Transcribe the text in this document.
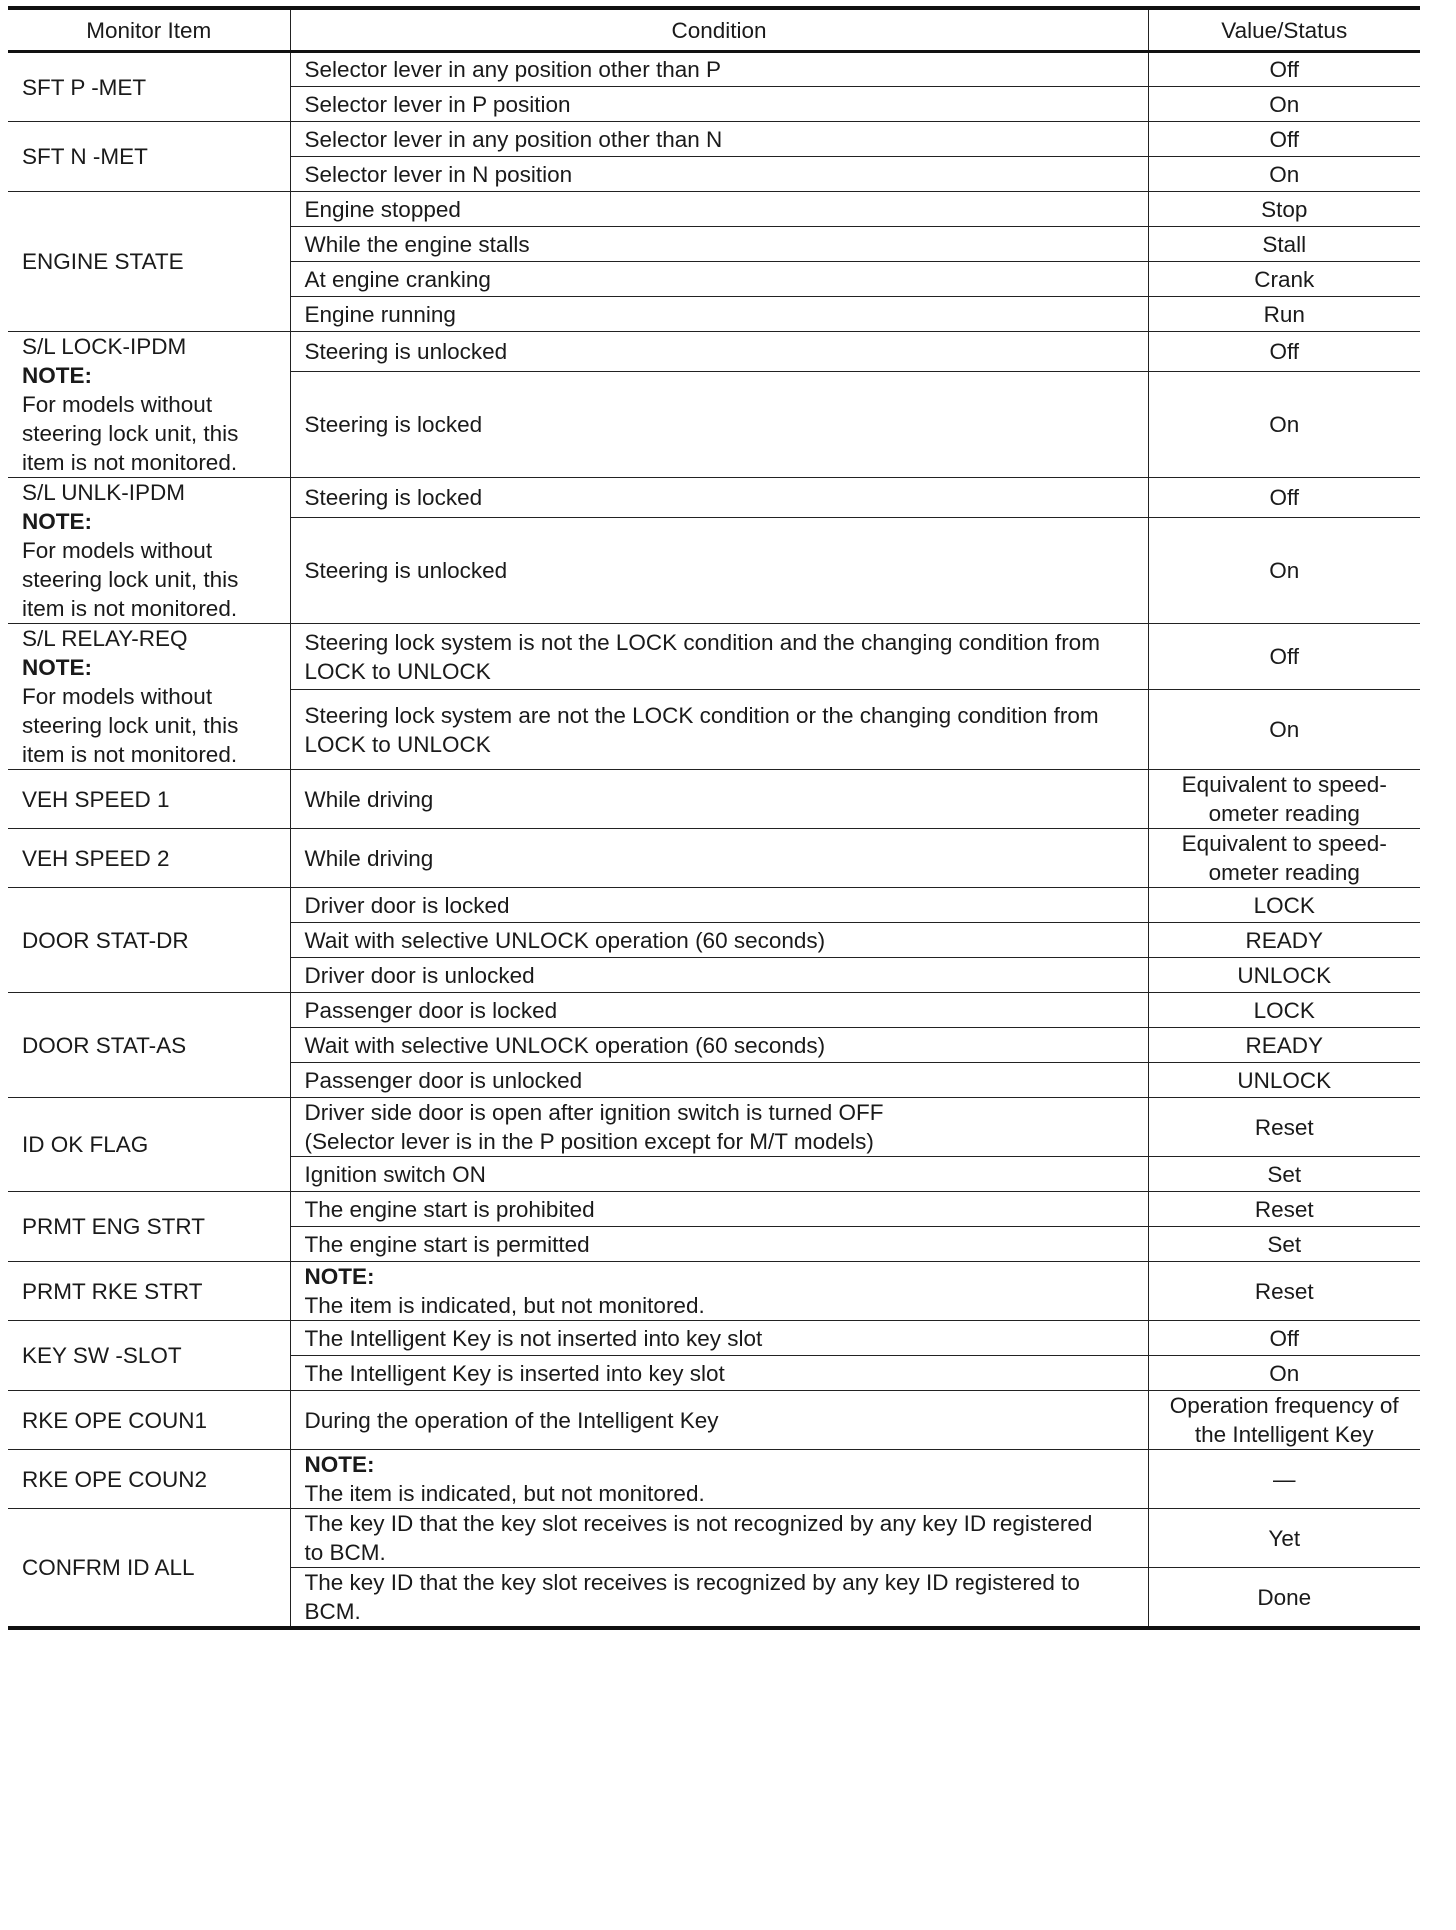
Monitor Item	Condition	Value/Status
SFT P -MET	Selector lever in any position other than P	Off
	Selector lever in P position	On
SFT N -MET	Selector lever in any position other than N	Off
	Selector lever in N position	On
ENGINE STATE	Engine stopped	Stop
	While the engine stalls	Stall
	At engine cranking	Crank
	Engine running	Run

S/L LOCK-IPDM
NOTE:
For models without
steering lock unit, this
item is not monitored.	Steering is unlocked	Off
	Steering is locked	On

S/L UNLK-IPDM
NOTE:
For models without
steering lock unit, this
item is not monitored.	Steering is locked	Off
	Steering is unlocked	On

S/L RELAY-REQ
NOTE:
For models without
steering lock unit, this
item is not monitored.	Steering lock system is not the LOCK condition and the changing condition from
LOCK to UNLOCK	Off

	Steering lock system are not the LOCK condition or the changing condition from
LOCK to UNLOCK	On
VEH SPEED 1	While driving	Equivalent to speed-
ometer reading

VEH SPEED 2	While driving	Equivalent to speed-
ometer reading

DOOR STAT-DR	Driver door is locked	LOCK
	Wait with selective UNLOCK operation (60 seconds)	READY
	Driver door is unlocked	UNLOCK
DOOR STAT-AS	Passenger door is locked	LOCK
	Wait with selective UNLOCK operation (60 seconds)	READY
	Passenger door is unlocked	UNLOCK
ID OK FLAG	Driver side door is open after ignition switch is turned OFF
(Selector lever is in the P position except for M/T models)	Reset
	Ignition switch ON	Set
PRMT ENG STRT	The engine start is prohibited	Reset
	The engine start is permitted	Set
PRMT RKE STRT	NOTE:
The item is indicated, but not monitored.	Reset
KEY SW -SLOT	The Intelligent Key is not inserted into key slot	Off
	The Intelligent Key is inserted into key slot	On
RKE OPE COUN1	During the operation of the Intelligent Key	Operation frequency of
the Intelligent Key

RKE OPE COUN2	NOTE:
The item is indicated, but not monitored.	—
CONFRM ID ALL	The key ID that the key slot receives is not recognized by any key ID registered
to BCM.	Yet

	The key ID that the key slot receives is recognized by any key ID registered to
BCM.	Done
